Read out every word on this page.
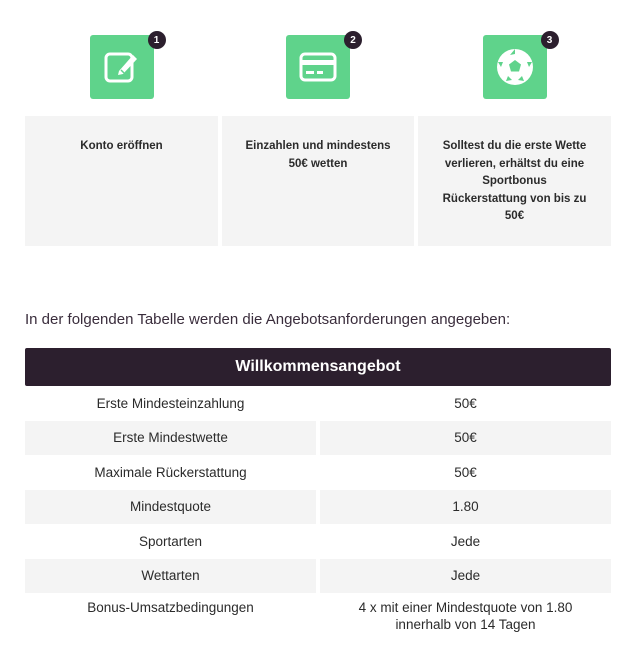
1
Konto eröffnen
2
Einzahlen und mindestens
50€ wetten
3
Solltest du die erste Wette
verlieren, erhältst du eine
Sportbonus
Rückerstattung von bis zu
50€

In der folgenden Tabelle werden die Angebotsanforderungen angegeben:

Willkommensangebot
Erste Mindesteinzahlung	50€
Erste Mindestwette	50€
Maximale Rückerstattung	50€
Mindestquote	1.80
Sportarten	Jede
Wettarten	Jede
Bonus-Umsatzbedingungen	4 x mit einer Mindestquote von 1.80
innerhalb von 14 Tagen
